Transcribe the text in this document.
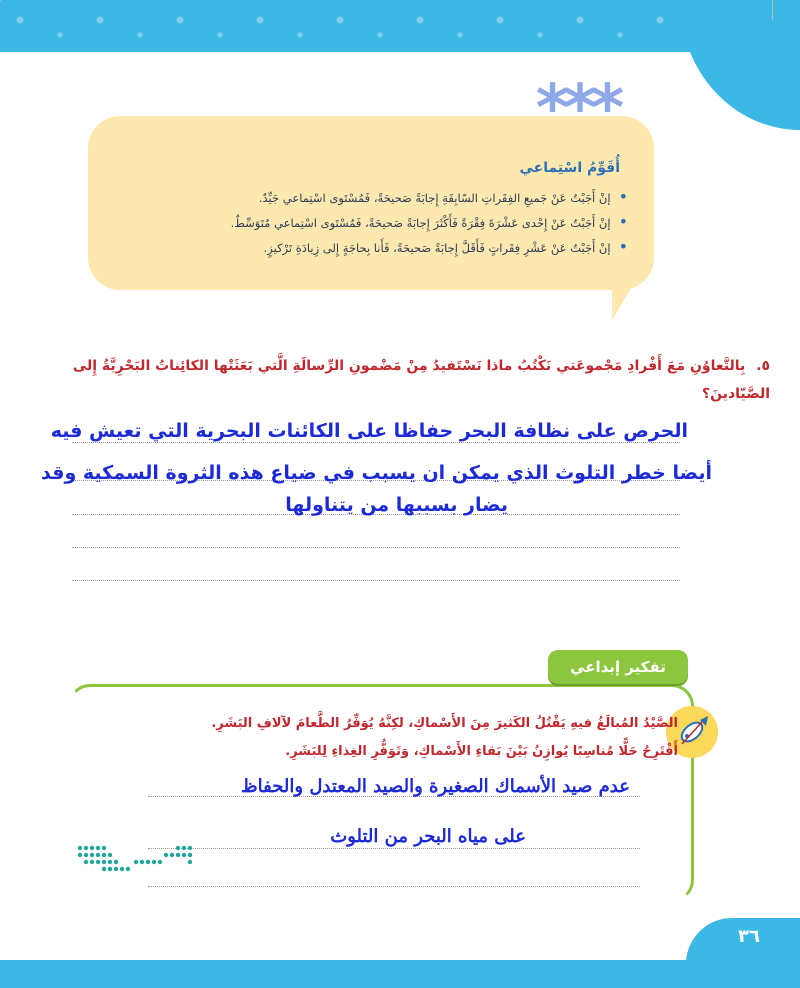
***
أُقَوِّمُ اسْتِماعي
• إنْ أَجَبْتُ عَنْ جَميعِ الفِقَراتِ السّابِقَةِ إِجابَةً صَحيحَةً، فَمُسْتَوى اسْتِماعي جَيِّدٌ.
• إنْ أَجَبْتُ عَنْ إِحْدى عَشْرَةَ فِقْرَةً فَأَكْثَرَ إِجابَةً صَحيحَةً، فَمُسْتَوى اسْتِماعي مُتَوَسِّطٌ.
• إنْ أَجَبْتُ عَنْ عَشْرِ فِقَراتٍ فَأَقَلَّ إِجابَةً صَحيحَةً، فَأَنا بِحاجَةٍ إِلى زِيادَةِ تَرْكيزٍ.
٥. بِالتَّعاوُنِ مَعَ أَفْرادِ مَجْموعَتي نَكْتُبُ ماذا نَسْتَفيدُ مِنْ مَضْمونِ الرِّسالَةِ الَّتي بَعَثَتْها الكائِناتُ البَحْرِيَّةُ إِلى الصَّيّادينَ؟
الحرص على نظافة البحر حفاظا على الكائنات البحرية التي تعيش فيه
أيضا خطر التلوث الذي يمكن ان يسبب في ضياع هذه الثروة السمكية وقد
يضار بسببها من يتناولها
تفكير إبداعي
الصَّيْدُ المُبالَغُ فيهِ يَقْتُلُ الكَثيرَ مِنَ الأَسْماكِ، لكِنَّهُ يُوَفِّرُ الطَّعامَ لآلافِ البَشَرِ.
أَقْتَرِحُ حَلًّا مُناسِبًا يُوازِنُ بَيْنَ بَقاءِ الأَسْماكِ، وَتَوَفُّرِ الغِذاءِ لِلبَشَرِ.
عدم صيد الأسماك الصغيرة والصيد المعتدل والحفاظ
على مياه البحر من التلوث
٣٦
